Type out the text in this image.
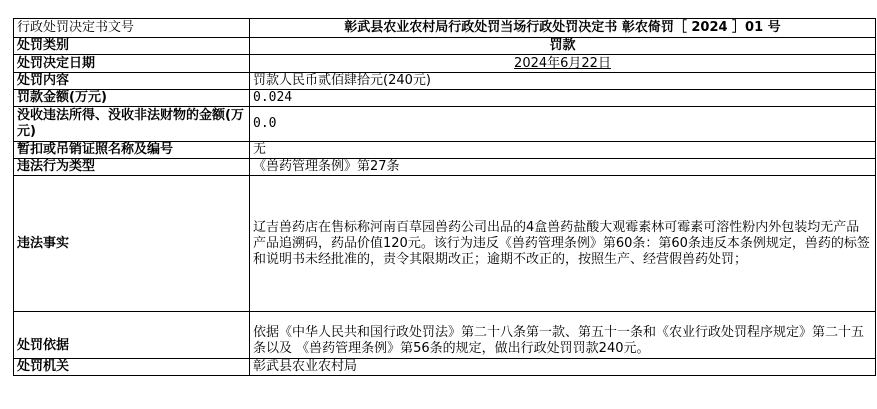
行政处罚决定书文号	彰武县农业农村局行政处罚当场行政处罚决定书 彰农倚罚［ 2024 ］01 号
处罚类别	罚款
处罚决定日期	2024年6月22日
处罚内容	罚款人民币贰佰肆拾元(240元)
罚款金额(万元)	0.024
没收违法所得、没收非法财物的金额(万元)	0.0
暂扣或吊销证照名称及编号	无
违法行为类型	《兽药管理条例》第27条
违法事实	辽吉兽药店在售标称河南百草园兽药公司出品的4盒兽药盐酸大观霉素林可霉素可溶性粉内外包装均无产品产品追溯码，药品价值120元。该行为违反《兽药管理条例》第60条：第60条违反本条例规定，兽药的标签和说明书未经批准的，责令其限期改正；逾期不改正的，按照生产、经营假兽药处罚；
处罚依据	依据《中华人民共和国行政处罚法》第二十八条第一款、第五十一条和《农业行政处罚程序规定》第二十五条以及 《兽药管理条例》第56条的规定，做出行政处罚罚款240元。
处罚机关	彰武县农业农村局
